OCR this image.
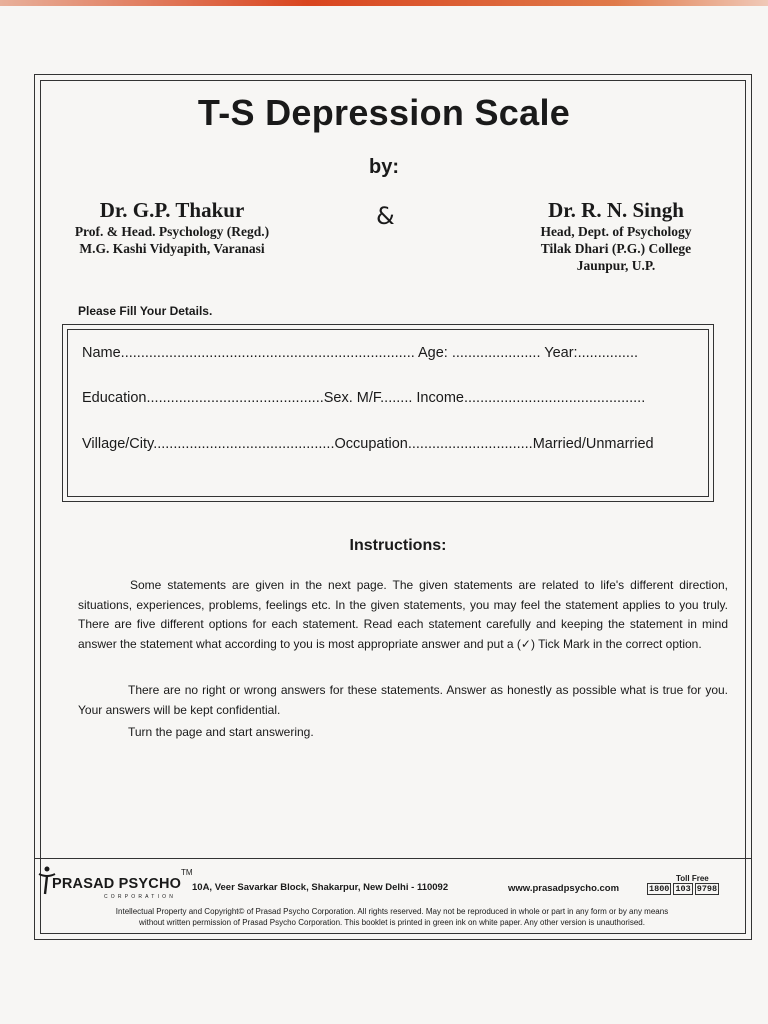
T-S Depression Scale
by:
&
Dr. G.P. Thakur
Prof. & Head. Psychology (Regd.)
M.G. Kashi Vidyapith, Varanasi
Dr. R. N. Singh
Head, Dept. of Psychology
Tilak Dhari (P.G.) College
Jaunpur, U.P.
Please Fill Your Details.
Name......................................................................... Age: ...................... Year:...............
Education............................................Sex. M/F........ Income.............................................
Village/City.............................................Occupation...............................Married/Unmarried
Instructions:
Some statements are given in the next page. The given statements are related to life's different direction, situations, experiences, problems, feelings etc. In the given statements, you may feel the statement applies to you truly. There are five different options for each statement. Read each statement carefully and keeping the statement in mind answer the statement what according to you is most appropriate answer and put a (✓) Tick Mark in the correct option.
There are no right or wrong answers for these statements. Answer as honestly as possible what is true for you. Your answers will be kept confidential.
Turn the page and start answering.
PRASAD PSYCHO
CORPORATION
TM
10A, Veer Savarkar Block, Shakarpur, New Delhi - 110092	www.prasadpsycho.com
Toll Free
1800 103 9798
Intellectual Property and Copyright© of Prasad Psycho Corporation. All rights reserved. May not be reproduced in whole or part in any form or by any means
without written permission of Prasad Psycho Corporation. This booklet is printed in green ink on white paper. Any other version is unauthorised.
